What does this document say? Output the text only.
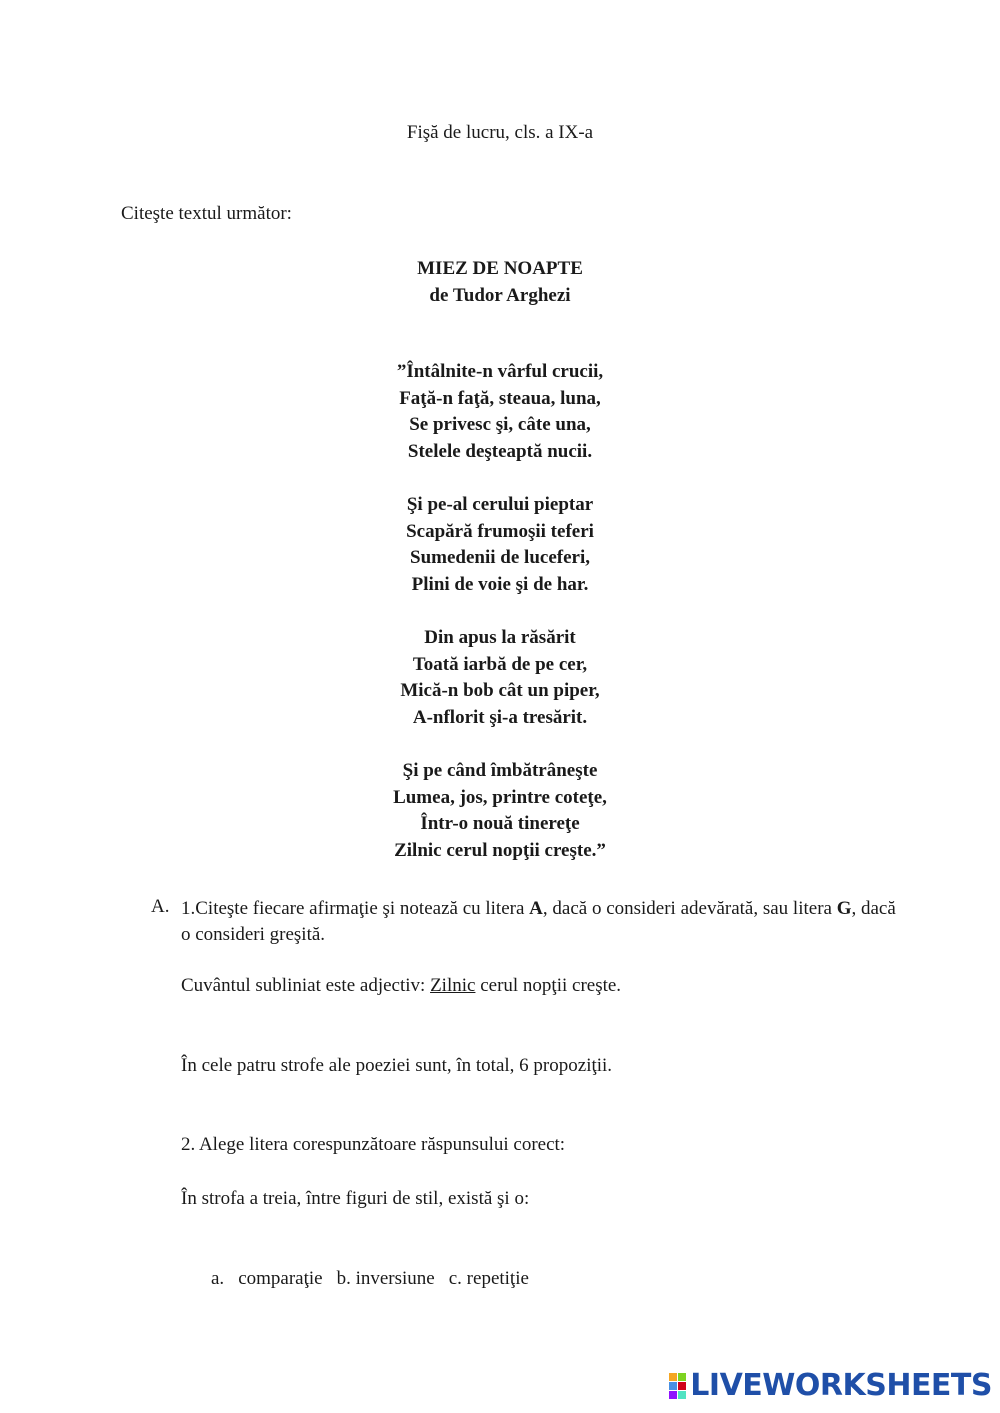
Fişă de lucru, cls. a IX-a
Citeşte textul următor:
MIEZ DE NOAPTE
de Tudor Arghezi
”Întâlnite-n vârful crucii,
Faţă-n faţă, steaua, luna,
Se privesc şi, câte una,
Stelele deşteaptă nucii.
Şi pe-al cerului pieptar
Scapără frumoşii teferi
Sumedenii de luceferi,
Plini de voie şi de har.
Din apus la răsărit
Toată iarbă de pe cer,
Mică-n bob cât un piper,
A-nflorit şi-a tresărit.
Şi pe când îmbătrâneşte
Lumea, jos, printre coteţe,
Într-o nouă tinereţe
Zilnic cerul nopţii creşte.”
A. 1.Citeşte fiecare afirmaţie şi notează cu litera A, dacă o consideri adevărată, sau litera G, dacă o consideri greşită.
Cuvântul subliniat este adjectiv: Zilnic cerul nopţii creşte.
În cele patru strofe ale poeziei sunt, în total, 6 propoziţii.
2. Alege litera corespunzătoare răspunsului corect:
În strofa a treia, între figuri de stil, există şi o:
a. comparaţie b. inversiune c. repetiţie
LIVEWORKSHEETS
